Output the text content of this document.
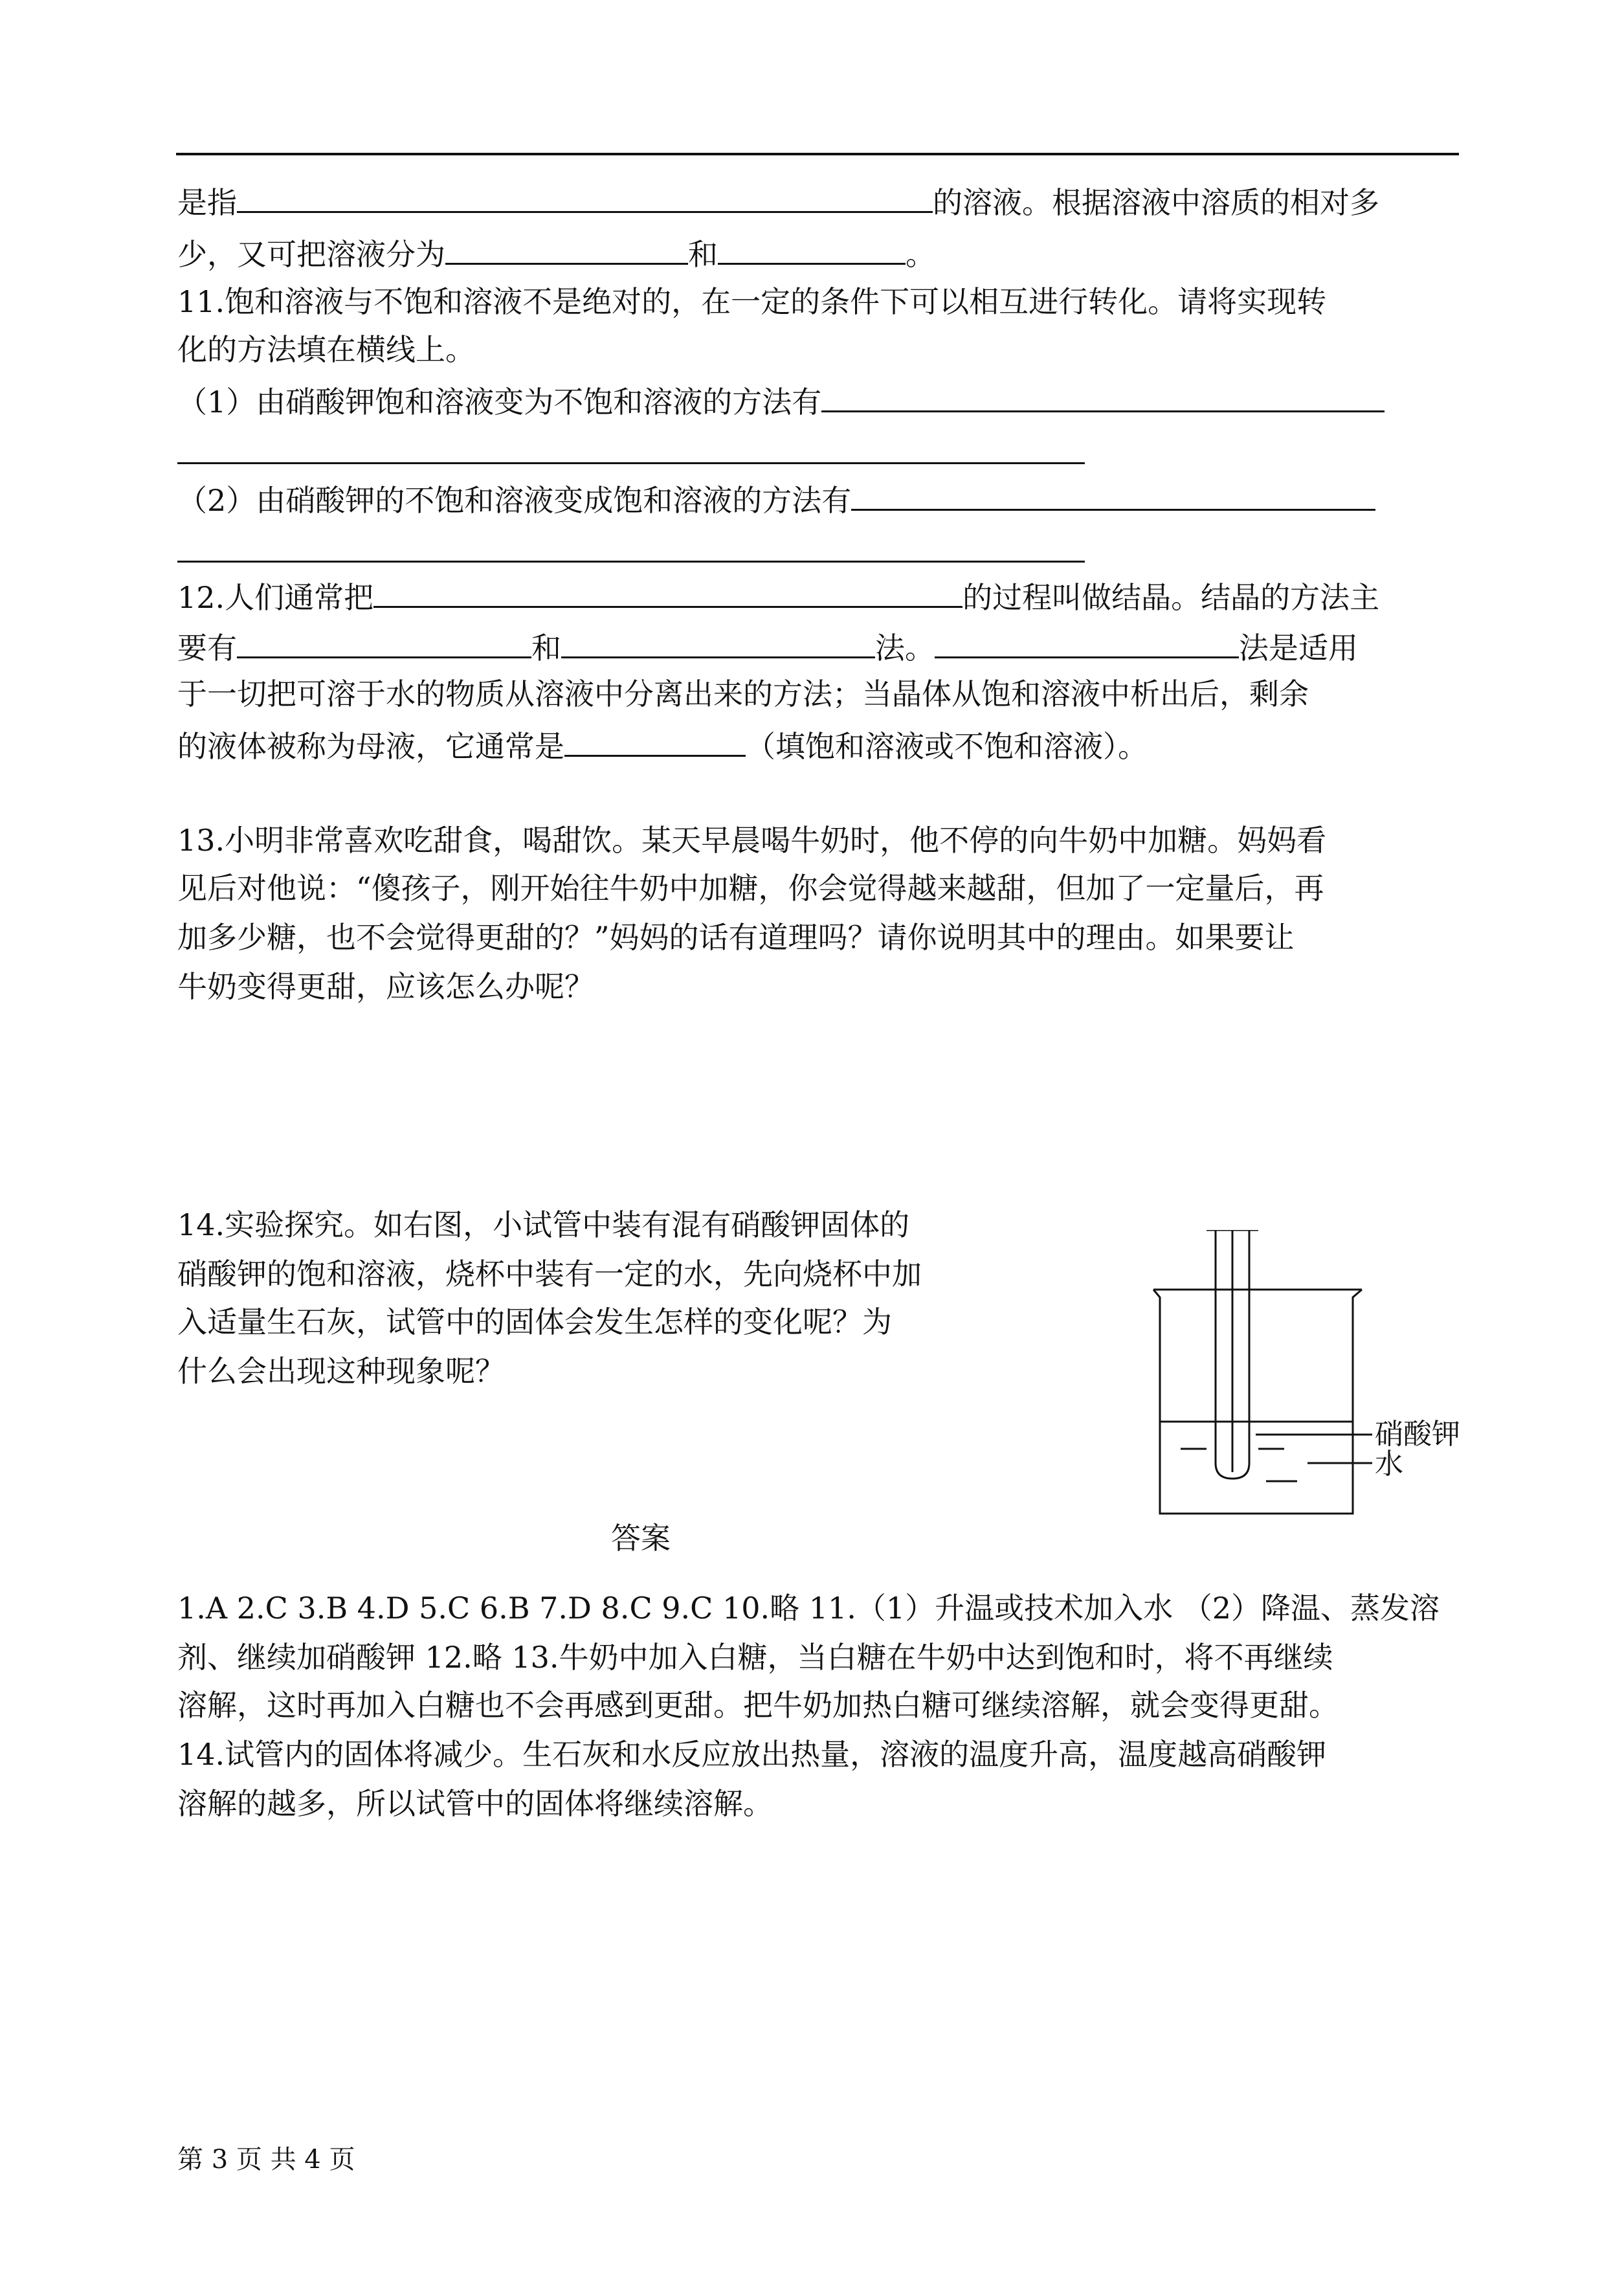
是指	的溶液。根据溶液中溶质的相对多
少，又可把溶液分为	和	。
11.饱和溶液与不饱和溶液不是绝对的，在一定的条件下可以相互进行转化。请将实现转
化的方法填在横线上。
（1）由硝酸钾饱和溶液变为不饱和溶液的方法有
（2）由硝酸钾的不饱和溶液变成饱和溶液的方法有
12.人们通常把	的过程叫做结晶。结晶的方法主
要有	和	法。	法是适用
于一切把可溶于水的物质从溶液中分离出来的方法；当晶体从饱和溶液中析出后，剩余
的液体被称为母液，它通常是	（填饱和溶液或不饱和溶液）。
13.小明非常喜欢吃甜食，喝甜饮。某天早晨喝牛奶时，他不停的向牛奶中加糖。妈妈看
见后对他说：“傻孩子，刚开始往牛奶中加糖，你会觉得越来越甜，但加了一定量后，再
加多少糖，也不会觉得更甜的？”妈妈的话有道理吗？请你说明其中的理由。如果要让
牛奶变得更甜，应该怎么办呢？
14.实验探究。如右图，小试管中装有混有硝酸钾固体的
硝酸钾的饱和溶液，烧杯中装有一定的水，先向烧杯中加
入适量生石灰，试管中的固体会发生怎样的变化呢？为
什么会出现这种现象呢？
硝酸钾
水
答案
1.A 2.C 3.B 4.D 5.C 6.B 7.D 8.C 9.C 10.略 11.（1）升温或技术加入水 （2）降温、蒸发溶
剂、继续加硝酸钾 12.略 13.牛奶中加入白糖，当白糖在牛奶中达到饱和时，将不再继续
溶解，这时再加入白糖也不会再感到更甜。把牛奶加热白糖可继续溶解，就会变得更甜。
14.试管内的固体将减少。生石灰和水反应放出热量，溶液的温度升高，温度越高硝酸钾
溶解的越多，所以试管中的固体将继续溶解。
第 3 页 共 4 页
